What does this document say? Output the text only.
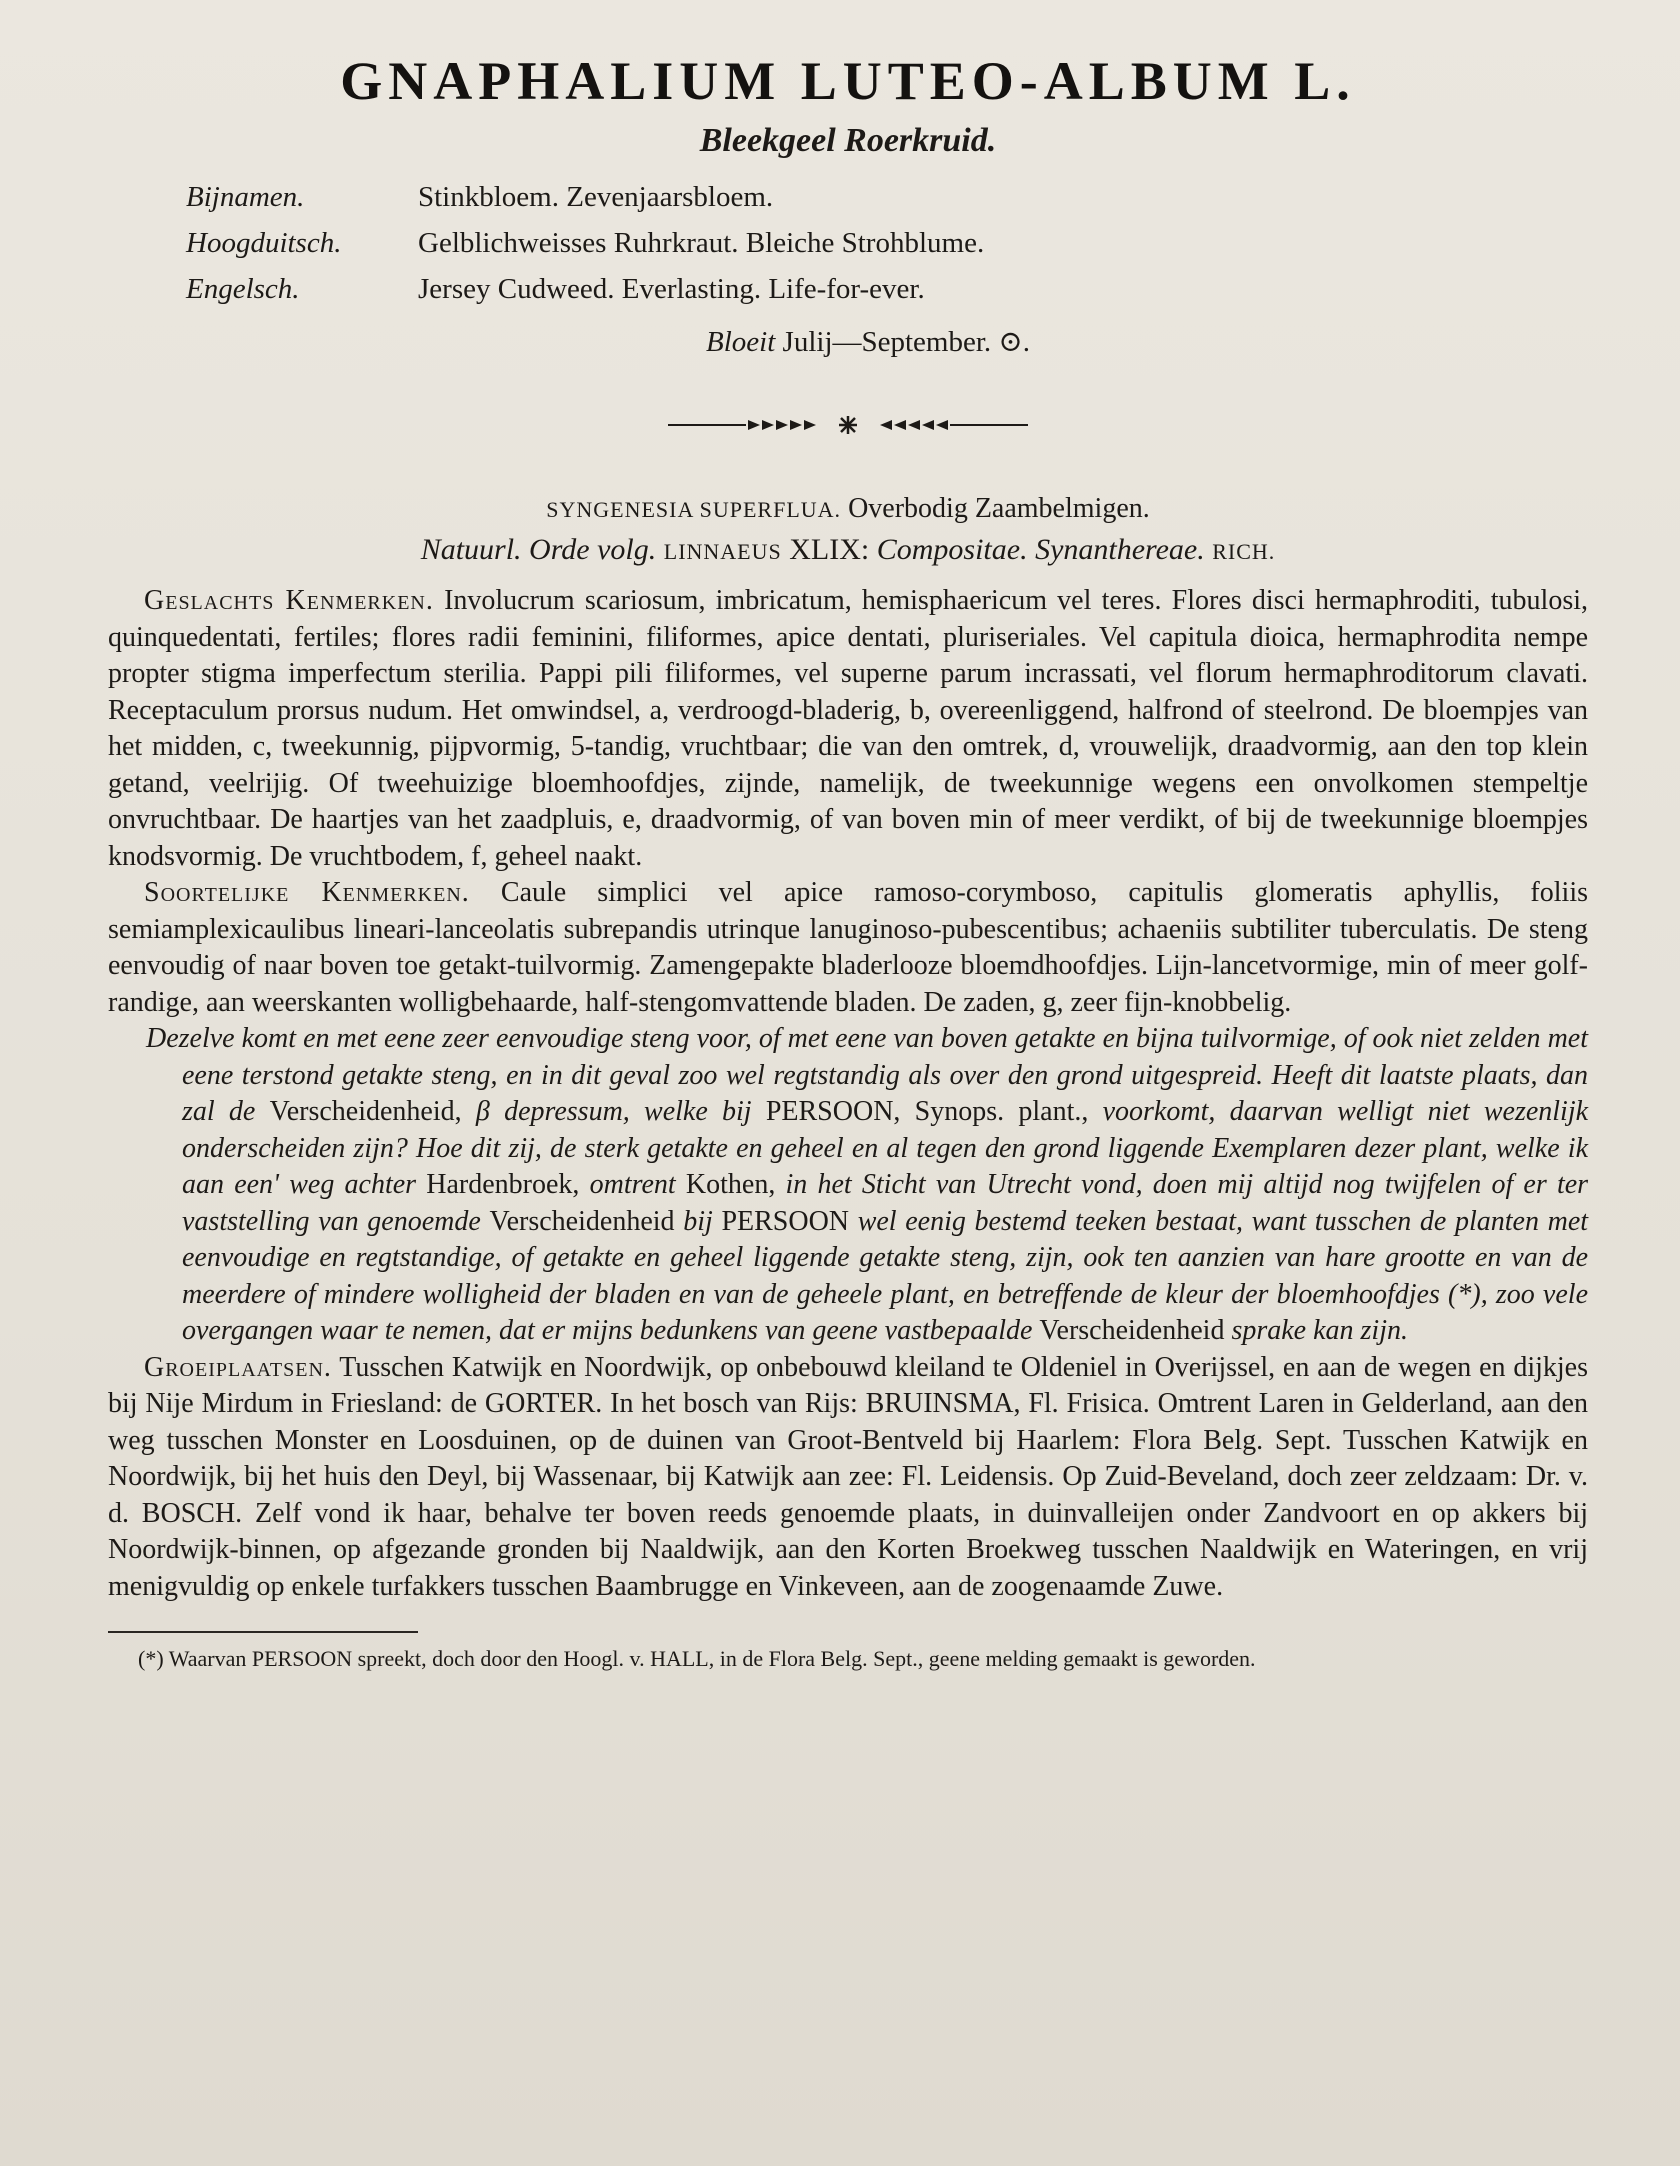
GNAPHALIUM LUTEO-ALBUM L.
Bleekgeel Roerkruid.
Bijnamen.	Stinkbloem. Zevenjaarsbloem.
Hoogduitsch.	Gelblichweisses Ruhrkraut. Bleiche Strohblume.
Engelsch.	Jersey Cudweed. Everlasting. Life-for-ever.
Bloeit Julij—September. ⊙.
SYNGENESIA SUPERFLUA. Overbodig Zaambelmigen.
Natuurl. Orde volg. LINNAEUS XLIX: Compositae. Synanthereae. RICH.

Geslachts Kenmerken. Involucrum scariosum, imbricatum, hemisphaericum vel teres. Flores disci hermaphroditi, tubulosi, quinquedentati, fertiles; flores radii feminini, filiformes, apice dentati, pluriseriales. Vel capitula dioica, hermaphrodita nempe propter stigma imperfectum sterilia. Pappi pili filiformes, vel superne parum incrassati, vel florum hermaphroditorum clavati. Receptaculum prorsus nudum. Het omwindsel, a, verdroogd-bladerig, b, overeenliggend, halfrond of steelrond. De bloempjes van het midden, c, tweekunnig, pijpvormig, 5-tandig, vruchtbaar; die van den omtrek, d, vrouwelijk, draadvormig, aan den top klein getand, veelrijig. Of tweehuizige bloemhoofdjes, zijnde, namelijk, de tweekunnige wegens een onvolkomen stempeltje onvruchtbaar. De haartjes van het zaadpluis, e, draadvormig, of van boven min of meer verdikt, of bij de tweekunnige bloempjes knodsvormig. De vruchtbodem, f, geheel naakt.

Soortelijke Kenmerken. Caule simplici vel apice ramoso-corymboso, capitulis glomeratis aphyllis, foliis semiamplexicaulibus lineari-lanceolatis subrepandis utrinque lanuginoso-pubescentibus; achaeniis subtiliter tuberculatis. De steng eenvoudig of naar boven toe getakt-tuilvormig. Zamengepakte bladerlooze bloemdhoofdjes. Lijn-lancetvormige, min of meer golf-randige, aan weerskanten wolligbehaarde, half-stengomvattende bladen. De zaden, g, zeer fijn-knobbelig.

Dezelve komt en met eene zeer eenvoudige steng voor, of met eene van boven getakte en bijna tuilvormige, of ook niet zelden met eene terstond getakte steng, en in dit geval zoo wel regtstandig als over den grond uitgespreid. Heeft dit laatste plaats, dan zal de Verscheidenheid, β depressum, welke bij PERSOON, Synops. plant., voorkomt, daarvan welligt niet wezenlijk onderscheiden zijn? Hoe dit zij, de sterk getakte en geheel en al tegen den grond liggende Exemplaren dezer plant, welke ik aan een' weg achter Hardenbroek, omtrent Kothen, in het Sticht van Utrecht vond, doen mij altijd nog twijfelen of er ter vaststelling van genoemde Verscheidenheid bij PERSOON wel eenig bestemd teeken bestaat, want tusschen de planten met eenvoudige en regtstandige, of getakte en geheel liggende getakte steng, zijn, ook ten aanzien van hare grootte en van de meerdere of mindere wolligheid der bladen en van de geheele plant, en betreffende de kleur der bloemhoofdjes (*), zoo vele overgangen waar te nemen, dat er mijns bedunkens van geene vastbepaalde Verscheidenheid sprake kan zijn.

Groeiplaatsen. Tusschen Katwijk en Noordwijk, op onbebouwd kleiland te Oldeniel in Overijssel, en aan de wegen en dijkjes bij Nije Mirdum in Friesland: de GORTER. In het bosch van Rijs: BRUINSMA, Fl. Frisica. Omtrent Laren in Gelderland, aan den weg tusschen Monster en Loosduinen, op de duinen van Groot-Bentveld bij Haarlem: Flora Belg. Sept. Tusschen Katwijk en Noordwijk, bij het huis den Deyl, bij Wassenaar, bij Katwijk aan zee: Fl. Leidensis. Op Zuid-Beveland, doch zeer zeldzaam: Dr. v. d. BOSCH. Zelf vond ik haar, behalve ter boven reeds genoemde plaats, in duinvalleijen onder Zandvoort en op akkers bij Noordwijk-binnen, op afgezande gronden bij Naaldwijk, aan den Korten Broekweg tusschen Naaldwijk en Wateringen, en vrij menigvuldig op enkele turfakkers tusschen Baambrugge en Vinkeveen, aan de zoogenaamde Zuwe.

(*) Waarvan PERSOON spreekt, doch door den Hoogl. v. HALL, in de Flora Belg. Sept., geene melding gemaakt is geworden.
